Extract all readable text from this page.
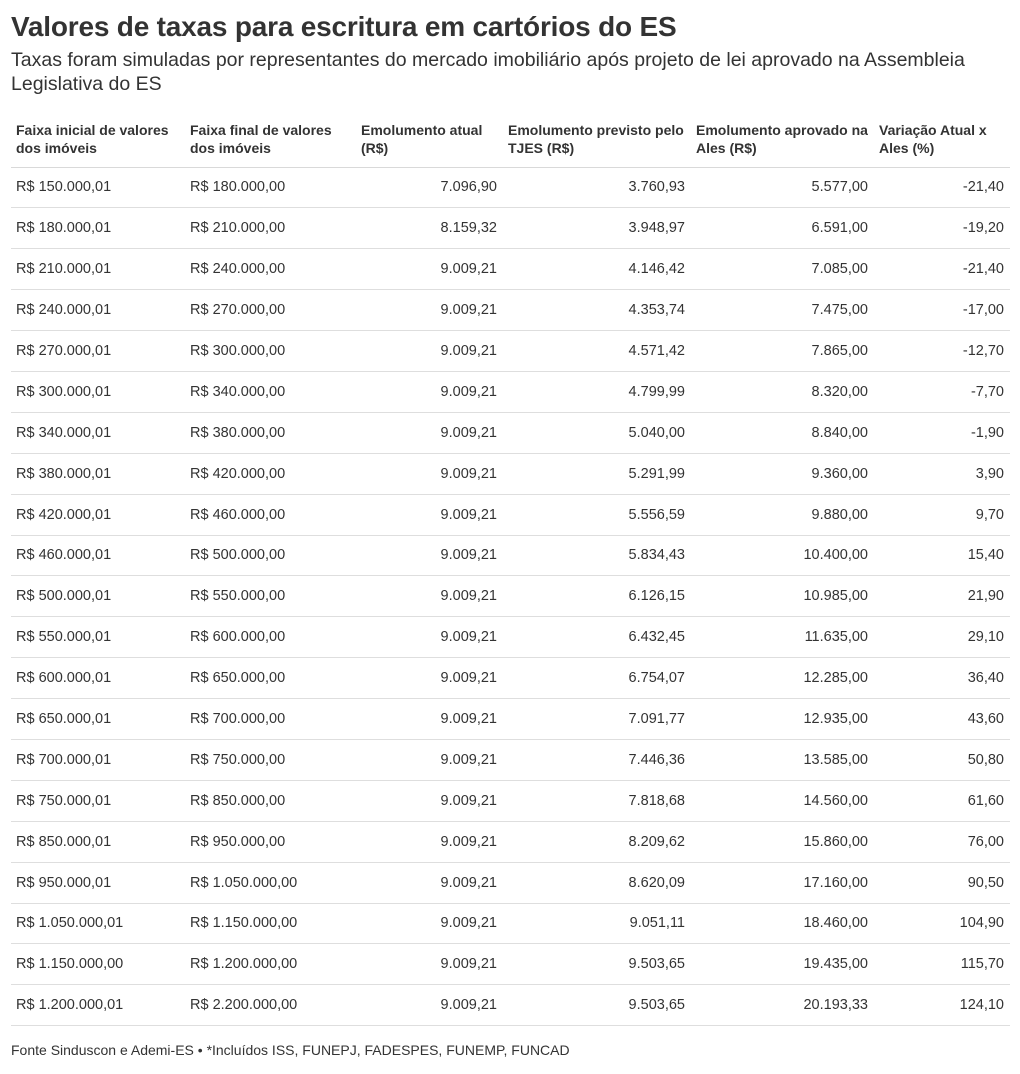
Valores de taxas para escritura em cartórios do ES

Taxas foram simuladas por representantes do mercado imobiliário após projeto de lei aprovado na Assembleia Legislativa do ES

Faixa inicial de valores dos imóveis	Faixa final de valores dos imóveis	Emolumento atual (R$)	Emolumento previsto pelo TJES (R$)	Emolumento aprovado na Ales (R$)	Variação Atual x Ales (%)
R$ 150.000,01	R$ 180.000,00	7.096,90	3.760,93	5.577,00	-21,40
R$ 180.000,01	R$ 210.000,00	8.159,32	3.948,97	6.591,00	-19,20
R$ 210.000,01	R$ 240.000,00	9.009,21	4.146,42	7.085,00	-21,40
R$ 240.000,01	R$ 270.000,00	9.009,21	4.353,74	7.475,00	-17,00
R$ 270.000,01	R$ 300.000,00	9.009,21	4.571,42	7.865,00	-12,70
R$ 300.000,01	R$ 340.000,00	9.009,21	4.799,99	8.320,00	-7,70
R$ 340.000,01	R$ 380.000,00	9.009,21	5.040,00	8.840,00	-1,90
R$ 380.000,01	R$ 420.000,00	9.009,21	5.291,99	9.360,00	3,90
R$ 420.000,01	R$ 460.000,00	9.009,21	5.556,59	9.880,00	9,70
R$ 460.000,01	R$ 500.000,00	9.009,21	5.834,43	10.400,00	15,40
R$ 500.000,01	R$ 550.000,00	9.009,21	6.126,15	10.985,00	21,90
R$ 550.000,01	R$ 600.000,00	9.009,21	6.432,45	11.635,00	29,10
R$ 600.000,01	R$ 650.000,00	9.009,21	6.754,07	12.285,00	36,40
R$ 650.000,01	R$ 700.000,00	9.009,21	7.091,77	12.935,00	43,60
R$ 700.000,01	R$ 750.000,00	9.009,21	7.446,36	13.585,00	50,80
R$ 750.000,01	R$ 850.000,00	9.009,21	7.818,68	14.560,00	61,60
R$ 850.000,01	R$ 950.000,00	9.009,21	8.209,62	15.860,00	76,00
R$ 950.000,01	R$ 1.050.000,00	9.009,21	8.620,09	17.160,00	90,50
R$ 1.050.000,01	R$ 1.150.000,00	9.009,21	9.051,11	18.460,00	104,90
R$ 1.150.000,00	R$ 1.200.000,00	9.009,21	9.503,65	19.435,00	115,70
R$ 1.200.000,01	R$ 2.200.000,00	9.009,21	9.503,65	20.193,33	124,10
Fonte Sinduscon e Ademi-ES • *Incluídos ISS, FUNEPJ, FADESPES, FUNEMP, FUNCAD
